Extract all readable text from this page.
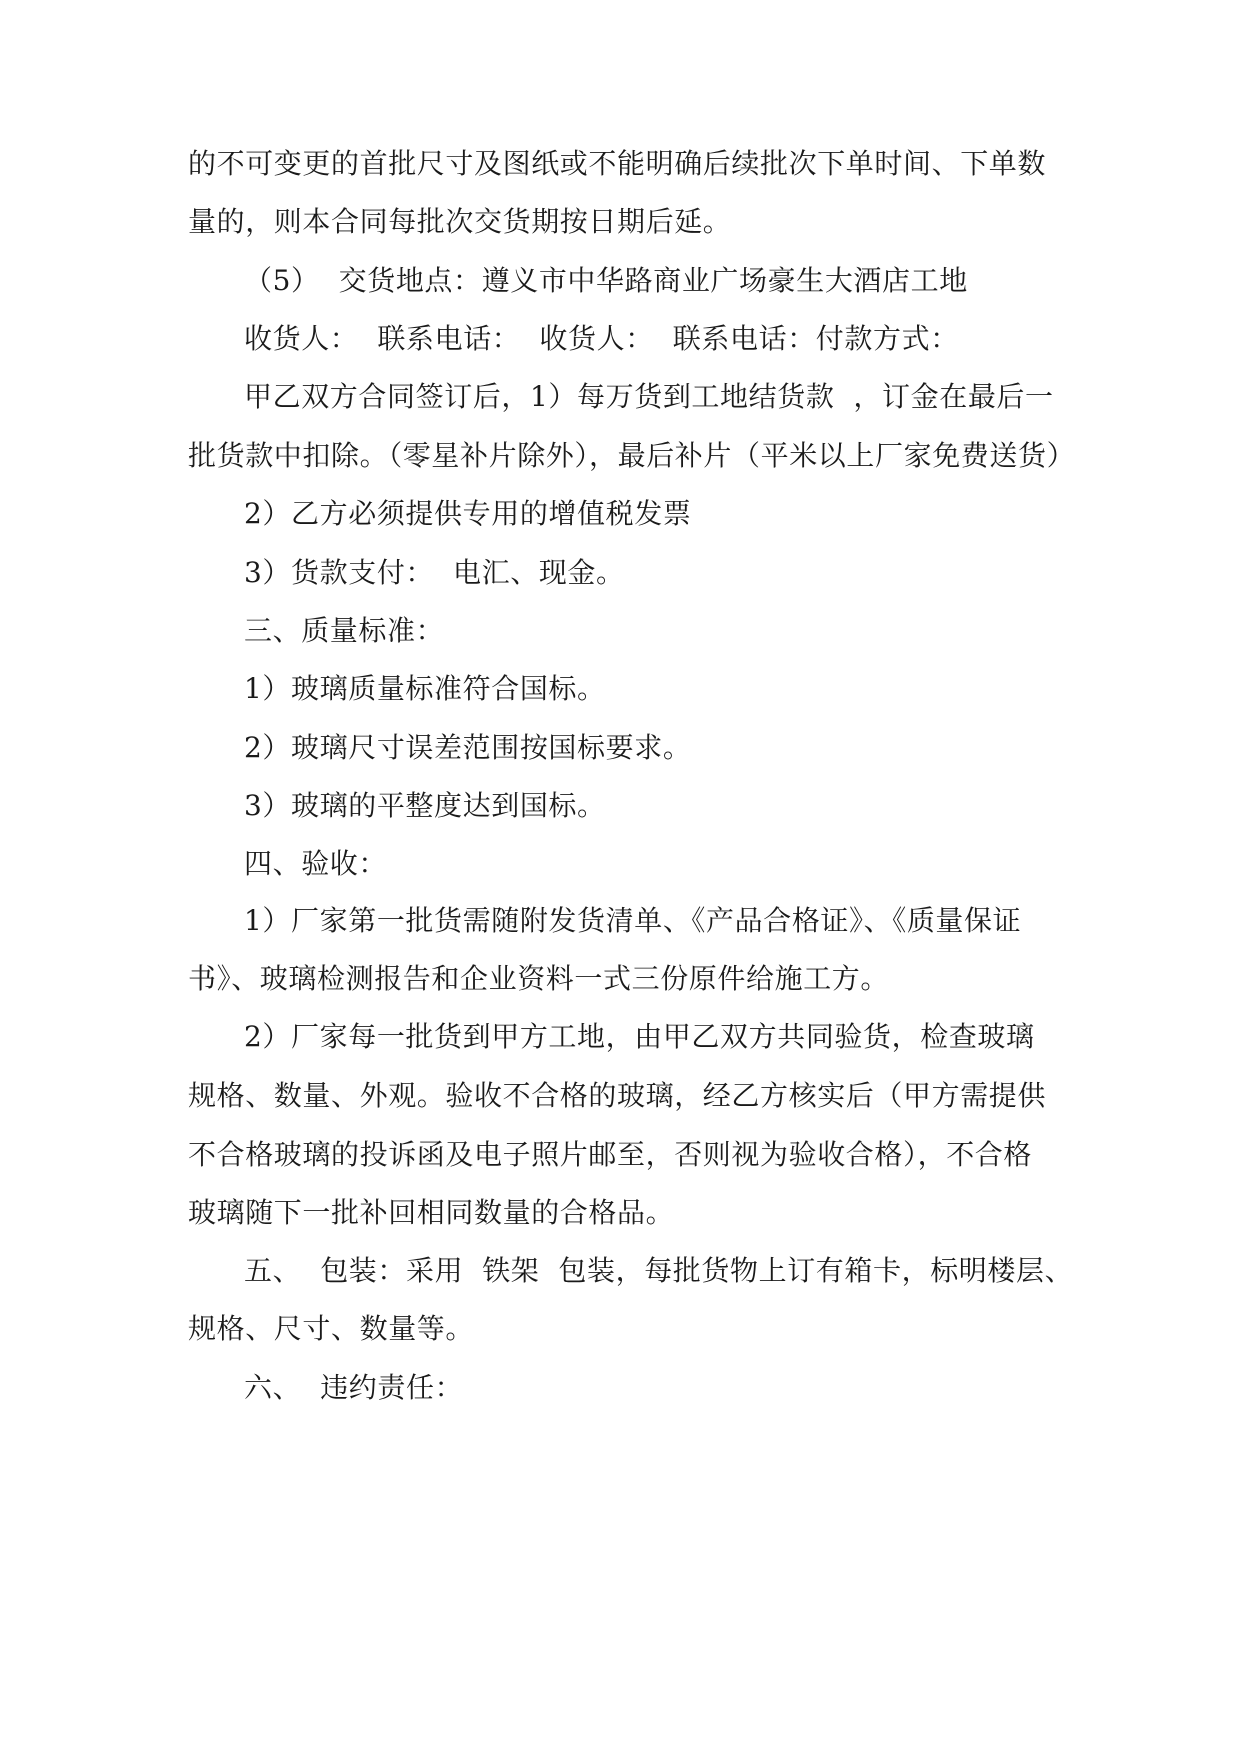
的不可变更的首批尺寸及图纸或不能明确后续批次下单时间、下单数

量的，则本合同每批次交货期按日期后延。

（5）  交货地点：遵义市中华路商业广场豪生大酒店工地

收货人：  联系电话：  收货人：  联系电话：付款方式：

甲乙双方合同签订后，1）每万货到工地结货款  ，订金在最后一

批货款中扣除。（零星补片除外），最后补片（平米以上厂家免费送货）

2）乙方必须提供专用的增值税发票

3）货款支付：  电汇、现金。

三、质量标准：

1）玻璃质量标准符合国标。

2）玻璃尺寸误差范围按国标要求。

3）玻璃的平整度达到国标。

四、验收：

1）厂家第一批货需随附发货清单、《产品合格证》、《质量保证

书》、玻璃检测报告和企业资料一式三份原件给施工方。

2）厂家每一批货到甲方工地，由甲乙双方共同验货，检查玻璃

规格、数量、外观。验收不合格的玻璃，经乙方核实后（甲方需提供

不合格玻璃的投诉函及电子照片邮至，否则视为验收合格），不合格

玻璃随下一批补回相同数量的合格品。

五、  包装：采用  铁架  包装，每批货物上订有箱卡，标明楼层、

规格、尺寸、数量等。

六、  违约责任：
